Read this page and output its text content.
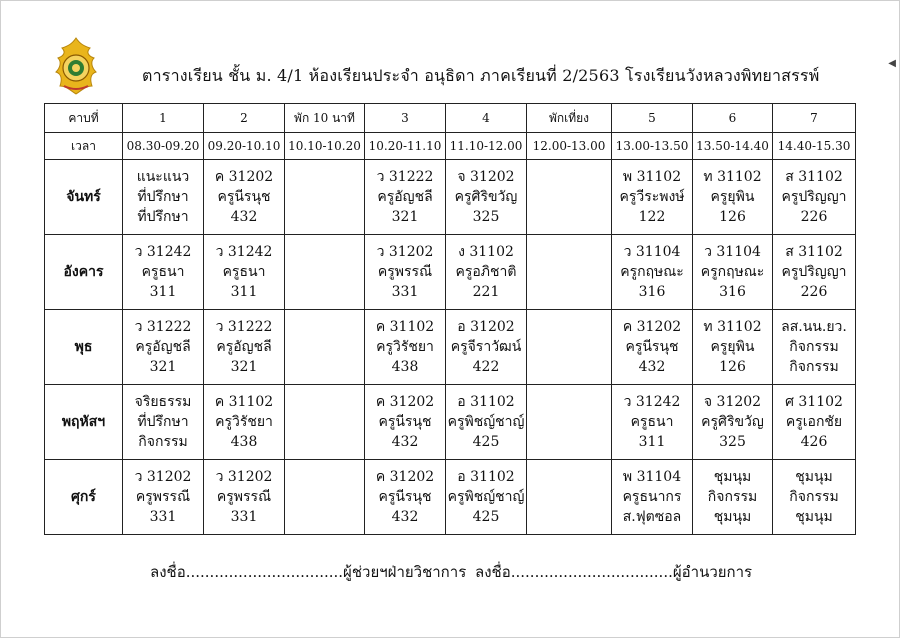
ตารางเรียน ชั้น ม. 4/1 ห้องเรียนประจำ อนุธิดา ภาคเรียนที่ 2/2563 โรงเรียนวังหลวงพิทยาสรรพ์
◀
คาบที่	1	2	พัก 10 นาที	3	4	พักเที่ยง	5	6	7
เวลา	08.30-09.20	09.20-10.10	10.10-10.20	10.20-11.10	11.10-12.00	12.00-13.00	13.00-13.50	13.50-14.40	14.40-15.30
จันทร์	แนะแนว
ที่ปรึกษา
ที่ปรึกษา	ค 31202
ครูนีรนุช
432		ว 31222
ครูอัญชลี
321	จ 31202
ครูศิริขวัญ
325		พ 31102
ครูวีระพงษ์
122	ท 31102
ครูยุพิน
126	ส 31102
ครูปริญญา
226

อังคาร	ว 31242
ครูธนา
311	ว 31242
ครูธนา
311		ว 31202
ครูพรรณี
331	ง 31102
ครูอภิชาติ
221		ว 31104
ครูกฤษณะ
316	ว 31104
ครูกฤษณะ
316	ส 31102
ครูปริญญา
226

พุธ	ว 31222
ครูอัญชลี
321	ว 31222
ครูอัญชลี
321		ค 31102
ครูวิรัชยา
438	อ 31202
ครูจีราวัฒน์
422		ค 31202
ครูนีรนุช
432	ท 31102
ครูยุพิน
126	ลส.นน.ยว.
กิจกรรม
กิจกรรม

พฤหัสฯ	จริยธรรม
ที่ปรึกษา
กิจกรรม	ค 31102
ครูวิรัชยา
438		ค 31202
ครูนีรนุช
432	อ 31102
ครูพิชญ์ชาญ์
425		ว 31242
ครูธนา
311	จ 31202
ครูศิริขวัญ
325	ศ 31102
ครูเอกชัย
426

ศุกร์	ว 31202
ครูพรรณี
331	ว 31202
ครูพรรณี
331		ค 31202
ครูนีรนุช
432	อ 31102
ครูพิชญ์ชาญ์
425		พ 31104
ครูธนากร
ส.ฟุตซอล	ชุมนุม
กิจกรรม
ชุมนุม	ชุมนุม
กิจกรรม
ชุมนุม
ลงชื่อ.................................ผู้ช่วยฯฝ่ายวิชาการ ลงชื่อ..................................ผู้อำนวยการ
